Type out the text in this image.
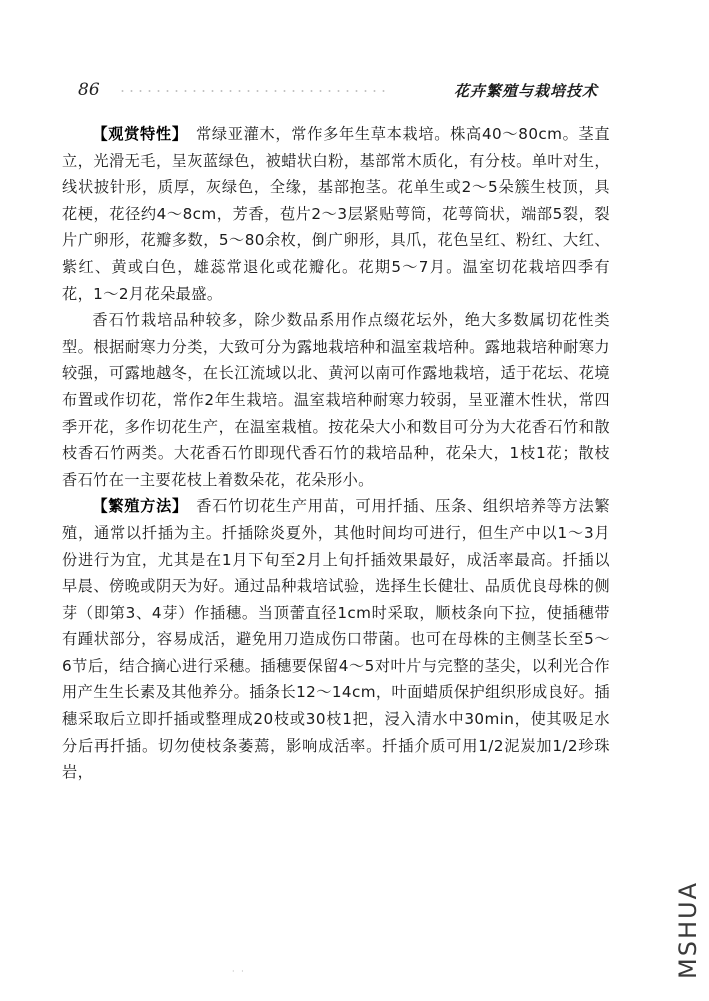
86	花卉繁殖与栽培技术

【观赏特性】　常绿亚灌木，常作多年生草本栽培。株高40～80cm。茎直立，光滑无毛，呈灰蓝绿色，被蜡状白粉，基部常木质化，有分枝。单叶对生，线状披针形，质厚，灰绿色，全缘，基部抱茎。花单生或2～5朵簇生枝顶，具花梗，花径约4～8cm，芳香，苞片2～3层紧贴萼筒，花萼筒状，端部5裂，裂片广卵形，花瓣多数，5～80余枚，倒广卵形，具爪，花色呈红、粉红、大红、紫红、黄或白色，雄蕊常退化或花瓣化。花期5～7月。温室切花栽培四季有花，1～2月花朵最盛。

香石竹栽培品种较多，除少数品系用作点缀花坛外，绝大多数属切花性类型。根据耐寒力分类，大致可分为露地栽培种和温室栽培种。露地栽培种耐寒力较强，可露地越冬，在长江流域以北、黄河以南可作露地栽培，适于花坛、花境布置或作切花，常作2年生栽培。温室栽培种耐寒力较弱，呈亚灌木性状，常四季开花，多作切花生产，在温室栽植。按花朵大小和数目可分为大花香石竹和散枝香石竹两类。大花香石竹即现代香石竹的栽培品种，花朵大，1枝1花；散枝香石竹在一主要花枝上着数朵花，花朵形小。

【繁殖方法】　香石竹切花生产用苗，可用扦插、压条、组织培养等方法繁殖，通常以扦插为主。扦插除炎夏外，其他时间均可进行，但生产中以1～3月份进行为宜，尤其是在1月下旬至2月上旬扦插效果最好，成活率最高。扦插以早晨、傍晚或阴天为好。通过品种栽培试验，选择生长健壮、品质优良母株的侧芽（即第3、4芽）作插穗。当顶蕾直径1cm时采取，顺枝条向下拉，使插穗带有踵状部分，容易成活，避免用刀造成伤口带菌。也可在母株的主侧茎长至5～6节后，结合摘心进行采穗。插穗要保留4～5对叶片与完整的茎尖，以利光合作用产生生长素及其他养分。插条长12～14cm，叶面蜡质保护组织形成良好。插穗采取后立即扦插或整理成20枝或30枝1把，浸入清水中30min，使其吸足水分后再扦插。切勿使枝条萎蔫，影响成活率。扦插介质可用1/2泥炭加1/2珍珠岩，

· ·	MSHUA
